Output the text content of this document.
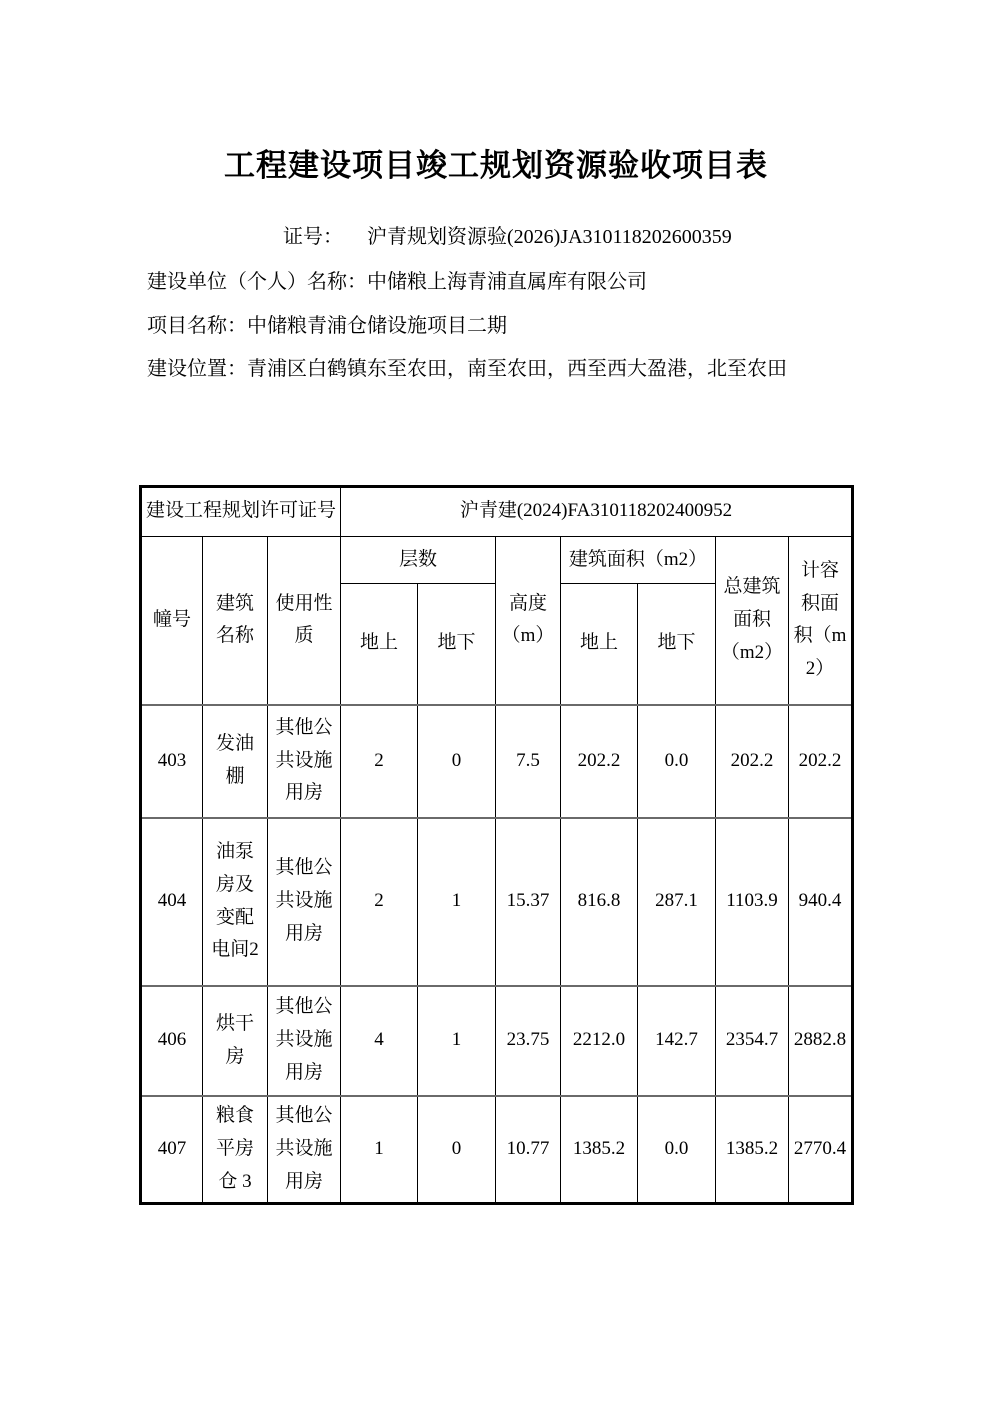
工程建设项目竣工规划资源验收项目表
证号： 沪青规划资源验(2026)JA310118202600359
建设单位（个人）名称：中储粮上海青浦直属库有限公司
项目名称：中储粮青浦仓储设施项目二期
建设位置：青浦区白鹤镇东至农田，南至农田，西至西大盈港，北至农田
建设工程规划许可证号			沪青建(2024)FA310118202400952						
幢号	建筑名称	使用性质	层数		高度（m）	建筑面积（m2）		总建筑面积（m2）	计容积面积（m2）
			地上	地下		地上	地下		
403	发油棚	其他公共设施用房	2	0	7.5	202.2	0.0	202.2	202.2
404	油泵房及变配电间2	其他公共设施用房	2	1	15.37	816.8	287.1	1103.9	940.4
406	烘干房	其他公共设施用房	4	1	23.75	2212.0	142.7	2354.7	2882.8
407	粮食平房仓 3	其他公共设施用房	1	0	10.77	1385.2	0.0	1385.2	2770.4
